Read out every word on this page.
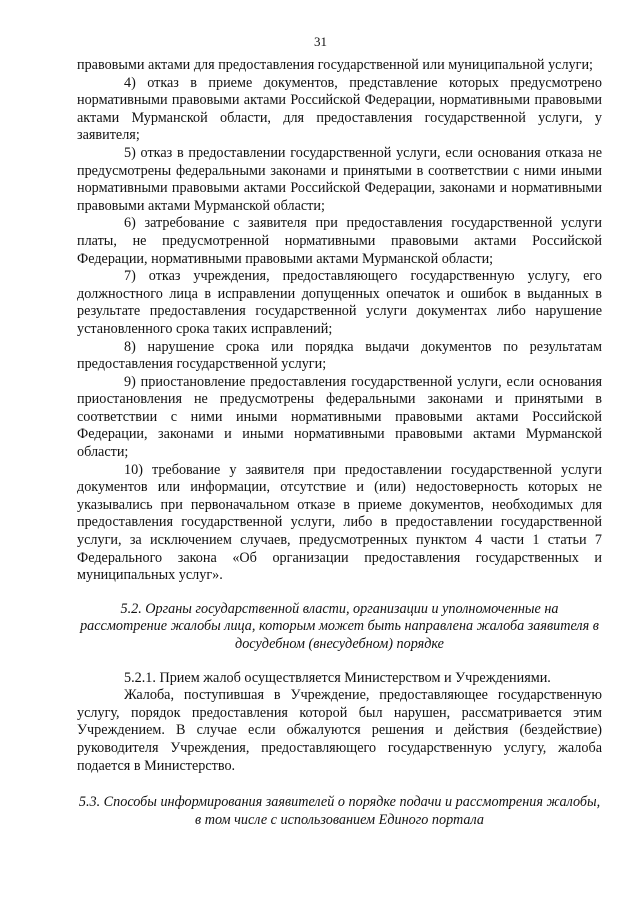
31

правовыми актами для предоставления государственной или муниципальной услуги;

4) отказ в приеме документов, представление которых предусмотрено нормативными правовыми актами Российской Федерации, нормативными правовыми актами Мурманской области, для предоставления государственной услуги, у заявителя;

5) отказ в предоставлении государственной услуги, если основания отказа не предусмотрены федеральными законами и принятыми в соответствии с ними иными нормативными правовыми актами Российской Федерации, законами и нормативными правовыми актами Мурманской области;

6) затребование с заявителя при предоставления государственной услуги платы, не предусмотренной нормативными правовыми актами Российской Федерации, нормативными правовыми актами Мурманской области;

7) отказ учреждения, предоставляющего государственную услугу, его должностного лица в исправлении допущенных опечаток и ошибок в выданных в результате предоставления государственной услуги документах либо нарушение установленного срока таких исправлений;

8) нарушение срока или порядка выдачи документов по результатам предоставления государственной услуги;

9) приостановление предоставления государственной услуги, если основания приостановления не предусмотрены федеральными законами и принятыми в соответствии с ними иными нормативными правовыми актами Российской Федерации, законами и иными нормативными правовыми актами Мурманской области;

10) требование у заявителя при предоставлении государственной услуги документов или информации, отсутствие и (или) недостоверность которых не указывались при первоначальном отказе в приеме документов, необходимых для предоставления государственной услуги, либо в предоставлении государственной услуги, за исключением случаев, предусмотренных пунктом 4 части 1 статьи 7 Федерального закона «Об организации предоставления государственных и муниципальных услуг».

5.2. Органы государственной власти, организации и уполномоченные на рассмотрение жалобы лица, которым может быть направлена жалоба заявителя в досудебном (внесудебном) порядке

5.2.1. Прием жалоб осуществляется Министерством и Учреждениями.

Жалоба, поступившая в Учреждение, предоставляющее государственную услугу, порядок предоставления которой был нарушен, рассматривается этим Учреждением. В случае если обжалуются решения и действия (бездействие) руководителя Учреждения, предоставляющего государственную услугу, жалоба подается в Министерство.

5.3. Способы информирования заявителей о порядке подачи и рассмотрения жалобы, в том числе с использованием Единого портала
